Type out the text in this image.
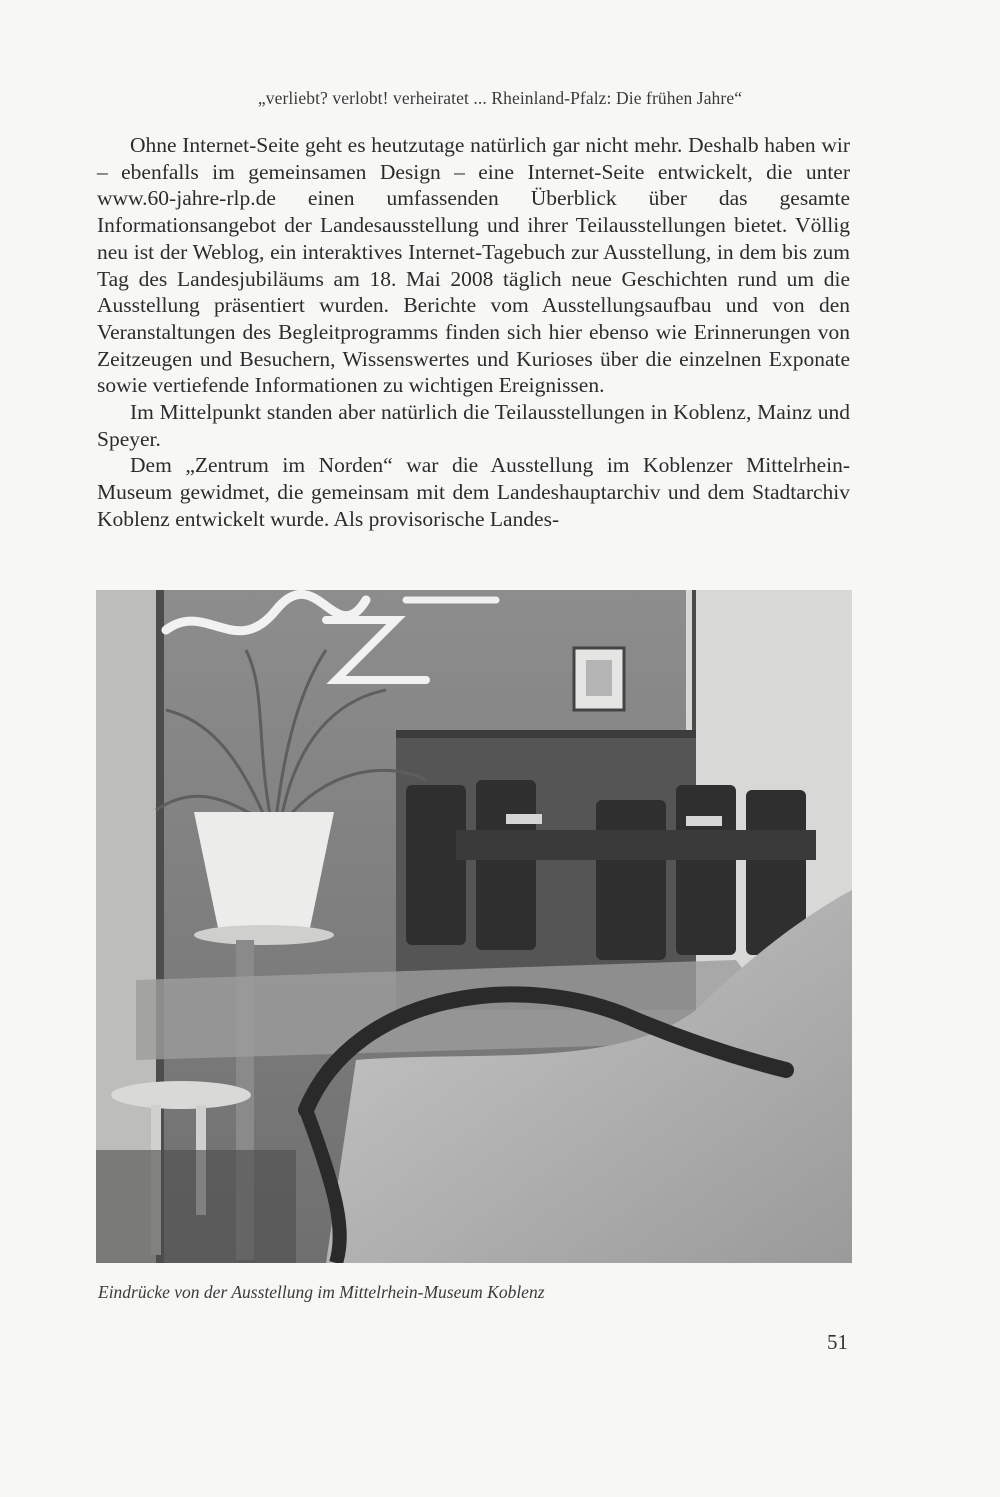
„verliebt? verlobt! verheiratet ... Rheinland-Pfalz: Die frühen Jahre“

Ohne Internet-Seite geht es heutzutage natürlich gar nicht mehr. Deshalb haben wir – ebenfalls im gemeinsamen Design – eine Internet-Seite entwickelt, die unter www.60-jahre-rlp.de einen umfassenden Überblick über das gesamte Informationsangebot der Landesausstellung und ihrer Teilausstellungen bietet. Völlig neu ist der Weblog, ein interaktives Internet-Tagebuch zur Ausstellung, in dem bis zum Tag des Landesjubiläums am 18. Mai 2008 täglich neue Geschichten rund um die Ausstellung präsentiert wurden. Berichte vom Ausstellungsaufbau und von den Veranstaltungen des Begleitprogramms finden sich hier ebenso wie Erinnerungen von Zeitzeugen und Besuchern, Wissenswertes und Kurioses über die einzelnen Exponate sowie vertiefende Informationen zu wichtigen Ereignissen.

Im Mittelpunkt standen aber natürlich die Teilausstellungen in Koblenz, Mainz und Speyer.

Dem „Zentrum im Norden“ war die Ausstellung im Koblenzer Mittelrhein-Museum gewidmet, die gemeinsam mit dem Landeshauptarchiv und dem Stadtarchiv Koblenz entwickelt wurde. Als provisorische Landes-

Eindrücke von der Ausstellung im Mittelrhein-Museum Koblenz
51
